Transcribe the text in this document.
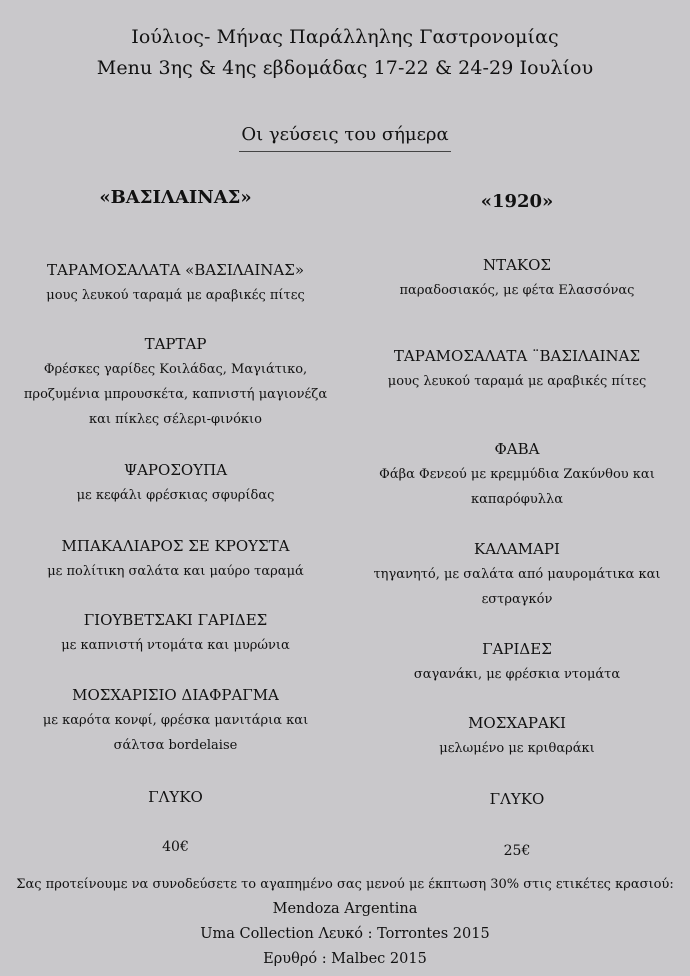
Ιούλιος- Μήνας Παράλληλης Γαστρονομίας
Menu 3ης & 4ης εβδομάδας 17-22 & 24-29 Ιουλίου
Οι γεύσεις του σήμερα
«ΒΑΣΙΛΑΙΝΑΣ»
ΤΑΡΑΜΟΣΑΛΑΤΑ «ΒΑΣΙΛΑΙΝΑΣ»
μους λευκού ταραμά με αραβικές πίτες
ΤΑΡΤΑΡ
Φρέσκες γαρίδες Κοιλάδας, Μαγιάτικο,
προζυμένια μπρουσκέτα, καπνιστή μαγιονέζα
και πίκλες σέλερι-φινόκιο
ΨΑΡΟΣΟΥΠΑ
με κεφάλι φρέσκιας σφυρίδας
ΜΠΑΚΑΛΙΑΡΟΣ ΣΕ ΚΡΟΥΣΤΑ
με πολίτικη σαλάτα και μαύρο ταραμά
ΓΙΟΥΒΕΤΣΑΚΙ ΓΑΡΙΔΕΣ
με καπνιστή ντομάτα και μυρώνια
ΜΟΣΧΑΡΙΣΙΟ ΔΙΑΦΡΑΓΜΑ
με καρότα κονφί, φρέσκα μανιτάρια και
σάλτσα bordelaise
ΓΛΥΚΟ
40€
«1920»
ΝΤΑΚΟΣ
παραδοσιακός, με φέτα Ελασσόνας
ΤΑΡΑΜΟΣΑΛΑΤΑ ¨ΒΑΣΙΛΑΙΝΑΣ
μους λευκού ταραμά με αραβικές πίτες
ΦΑΒΑ
Φάβα Φενεού με κρεμμύδια Ζακύνθου και
καπαρόφυλλα
ΚΑΛΑΜΑΡΙ
τηγανητό, με σαλάτα από μαυρομάτικα και
εστραγκόν
ΓΑΡΙΔΕΣ
σαγανάκι, με φρέσκια ντομάτα
ΜΟΣΧΑΡΑΚΙ
μελωμένο με κριθαράκι
ΓΛΥΚΟ
25€
Σας προτείνουμε να συνοδεύσετε το αγαπημένο σας μενού με έκπτωση 30% στις ετικέτες κρασιού:
Mendoza Argentina
Uma Collection Λευκό : Torrontes 2015
Ερυθρό : Malbec 2015
